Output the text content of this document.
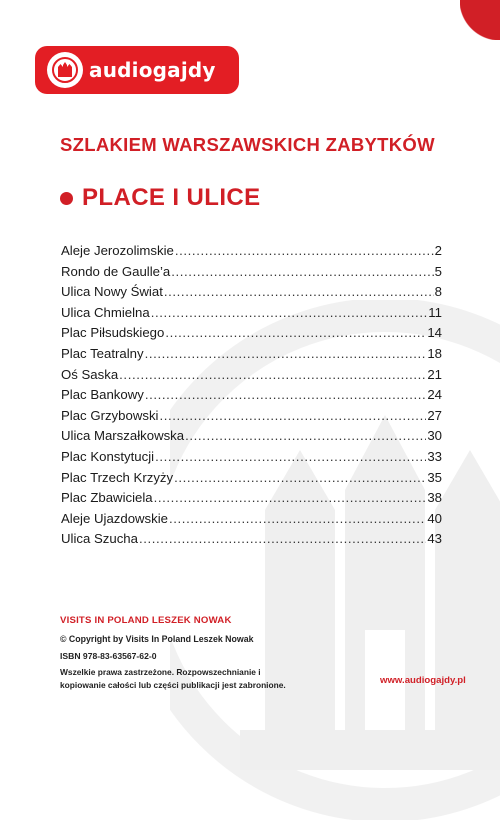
audiogajdy
SZLAKIEM WARSZAWSKICH ZABYTKÓW
PLACE I ULICE
Aleje Jerozolimskie .....	2
Rondo de Gaulle’a .....	5
Ulica Nowy Świat .....	8
Ulica Chmielna .....	11
Plac Piłsudskiego .....	14
Plac Teatralny .....	18
Oś Saska .....	21
Plac Bankowy .....	24
Plac Grzybowski .....	27
Ulica Marszałkowska .....	30
Plac Konstytucji .....	33
Plac Trzech Krzyży .....	35
Plac Zbawiciela .....	38
Aleje Ujazdowskie .....	40
Ulica Szucha .....	43
VISITS IN POLAND LESZEK NOWAK
© Copyright by Visits In Poland Leszek Nowak
ISBN 978-83-63567-62-0
Wszelkie prawa zastrzeżone. Rozpowszechnianie i kopiowanie całości lub części publikacji jest zabronione.	www.audiogajdy.pl
